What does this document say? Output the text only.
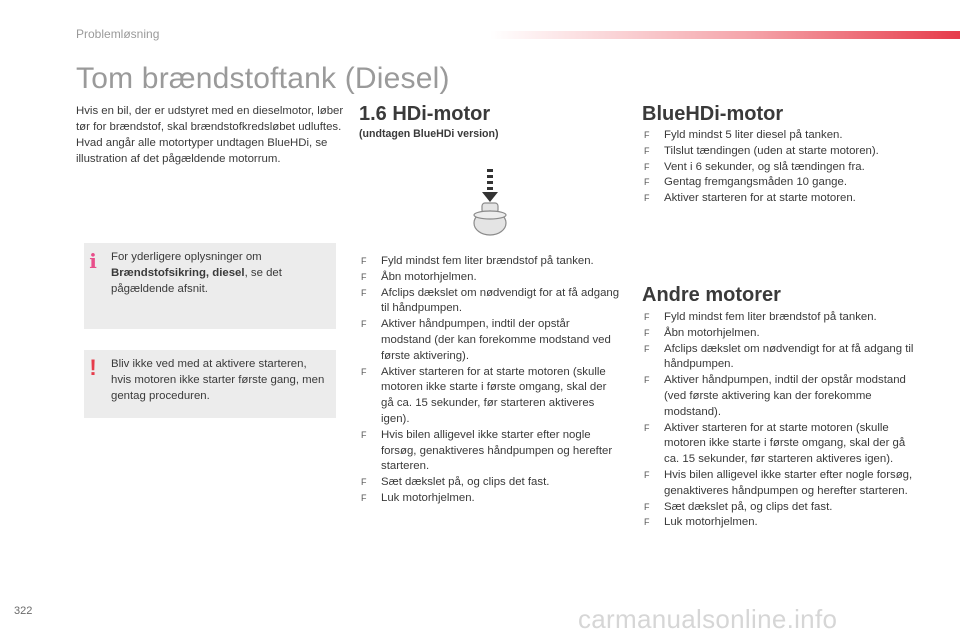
Problemløsning
Tom brændstoftank (Diesel)

Hvis en bil, der er udstyret med en dieselmotor, løber tør for brændstof, skal brændstofkredsløbet udluftes.

Hvad angår alle motortyper undtagen BlueHDi, se illustration af det pågældende motorrum.

i For yderligere oplysninger om Brændstofsikring, diesel, se det pågældende afsnit.
! Bliv ikke ved med at aktivere starteren, hvis motoren ikke starter første gang, men gentag proceduren.
1.6 HDi-motor
(undtagen BlueHDi version)
F Fyld mindst fem liter brændstof på tanken.
F Åbn motorhjelmen.
F Afclips dækslet om nødvendigt for at få adgang til håndpumpen.
F Aktiver håndpumpen, indtil der opstår modstand (der kan forekomme modstand ved første aktivering).
F Aktiver starteren for at starte motoren (skulle motoren ikke starte i første omgang, skal der gå ca. 15 sekunder, før starteren aktiveres igen).
F Hvis bilen alligevel ikke starter efter nogle forsøg, genaktiveres håndpumpen og herefter starteren.
F Sæt dækslet på, og clips det fast.
F Luk motorhjelmen.
BlueHDi-motor
F Fyld mindst 5 liter diesel på tanken.
F Tilslut tændingen (uden at starte motoren).
F Vent i 6 sekunder, og slå tændingen fra.
F Gentag fremgangsmåden 10 gange.
F Aktiver starteren for at starte motoren.
Andre motorer
F Fyld mindst fem liter brændstof på tanken.
F Åbn motorhjelmen.
F Afclips dækslet om nødvendigt for at få adgang til håndpumpen.
F Aktiver håndpumpen, indtil der opstår modstand (ved første aktivering kan der forekomme modstand).
F Aktiver starteren for at starte motoren (skulle motoren ikke starte i første omgang, skal der gå ca. 15 sekunder, før starteren aktiveres igen).
F Hvis bilen alligevel ikke starter efter nogle forsøg, genaktiveres håndpumpen og herefter starteren.
F Sæt dækslet på, og clips det fast.
F Luk motorhjelmen.
322	carmanualsonline.info
